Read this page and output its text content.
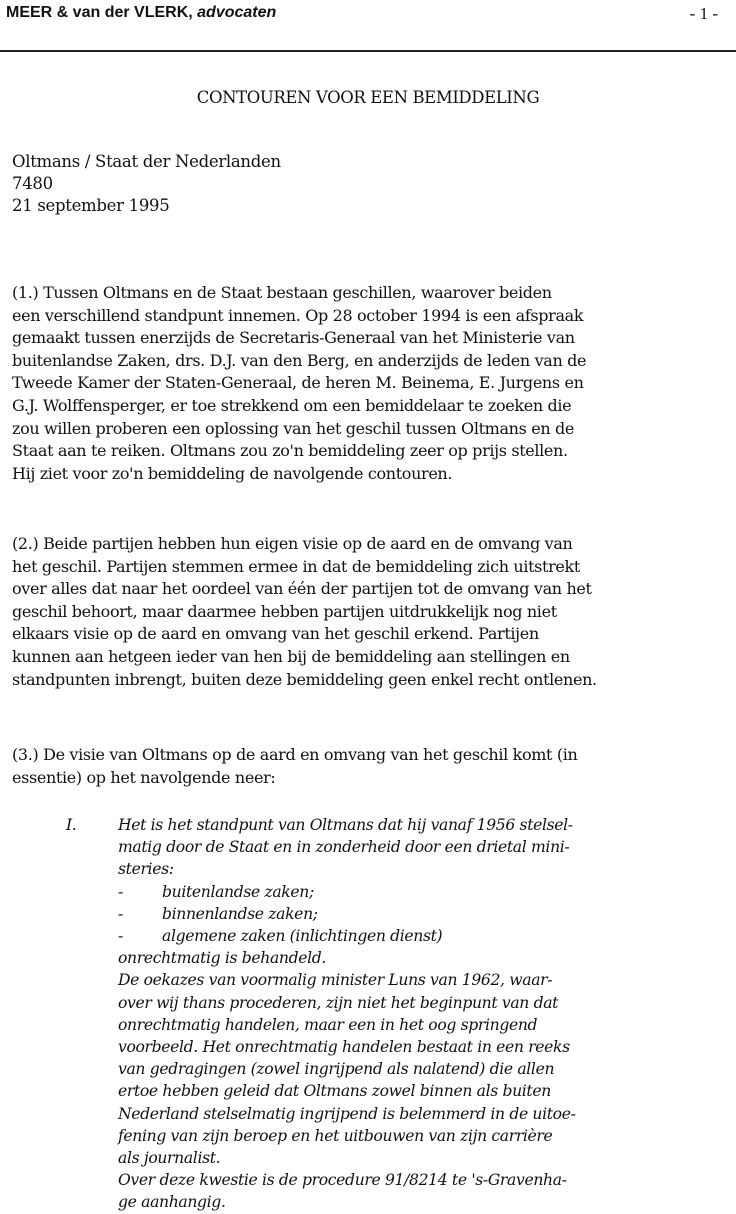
MEER & van der VLERK, advocaten	- 1 -
CONTOUREN VOOR EEN BEMIDDELING
Oltmans / Staat der Nederlanden
7480
21 september 1995
(1.) Tussen Oltmans en de Staat bestaan geschillen, waarover beiden
een verschillend standpunt innemen. Op 28 october 1994 is een afspraak
gemaakt tussen enerzijds de Secretaris-Generaal van het Ministerie van
buitenlandse Zaken, drs. D.J. van den Berg, en anderzijds de leden van de
Tweede Kamer der Staten-Generaal, de heren M. Beinema, E. Jurgens en
G.J. Wolffensperger, er toe strekkend om een bemiddelaar te zoeken die
zou willen proberen een oplossing van het geschil tussen Oltmans en de
Staat aan te reiken. Oltmans zou zo'n bemiddeling zeer op prijs stellen.
Hij ziet voor zo'n bemiddeling de navolgende contouren.
(2.) Beide partijen hebben hun eigen visie op de aard en de omvang van
het geschil. Partijen stemmen ermee in dat de bemiddeling zich uitstrekt
over alles dat naar het oordeel van één der partijen tot de omvang van het
geschil behoort, maar daarmee hebben partijen uitdrukkelijk nog niet
elkaars visie op de aard en omvang van het geschil erkend. Partijen
kunnen aan hetgeen ieder van hen bij de bemiddeling aan stellingen en
standpunten inbrengt, buiten deze bemiddeling geen enkel recht ontlenen.
(3.) De visie van Oltmans op de aard en omvang van het geschil komt (in
essentie) op het navolgende neer:
I.	Het is het standpunt van Oltmans dat hij vanaf 1956 stelsel-
matig door de Staat en in zonderheid door een drietal mini-
steries:
-	buitenlandse zaken;
-	binnenlandse zaken;
-	algemene zaken (inlichtingen dienst)
onrechtmatig is behandeld.
De oekazes van voormalig minister Luns van 1962, waar-
over wij thans procederen, zijn niet het beginpunt van dat
onrechtmatig handelen, maar een in het oog springend
voorbeeld. Het onrechtmatig handelen bestaat in een reeks
van gedragingen (zowel ingrijpend als nalatend) die allen
ertoe hebben geleid dat Oltmans zowel binnen als buiten
Nederland stelselmatig ingrijpend is belemmerd in de uitoe-
fening van zijn beroep en het uitbouwen van zijn carrière
als journalist.
Over deze kwestie is de procedure 91/8214 te 's-Gravenha-
ge aanhangig.
